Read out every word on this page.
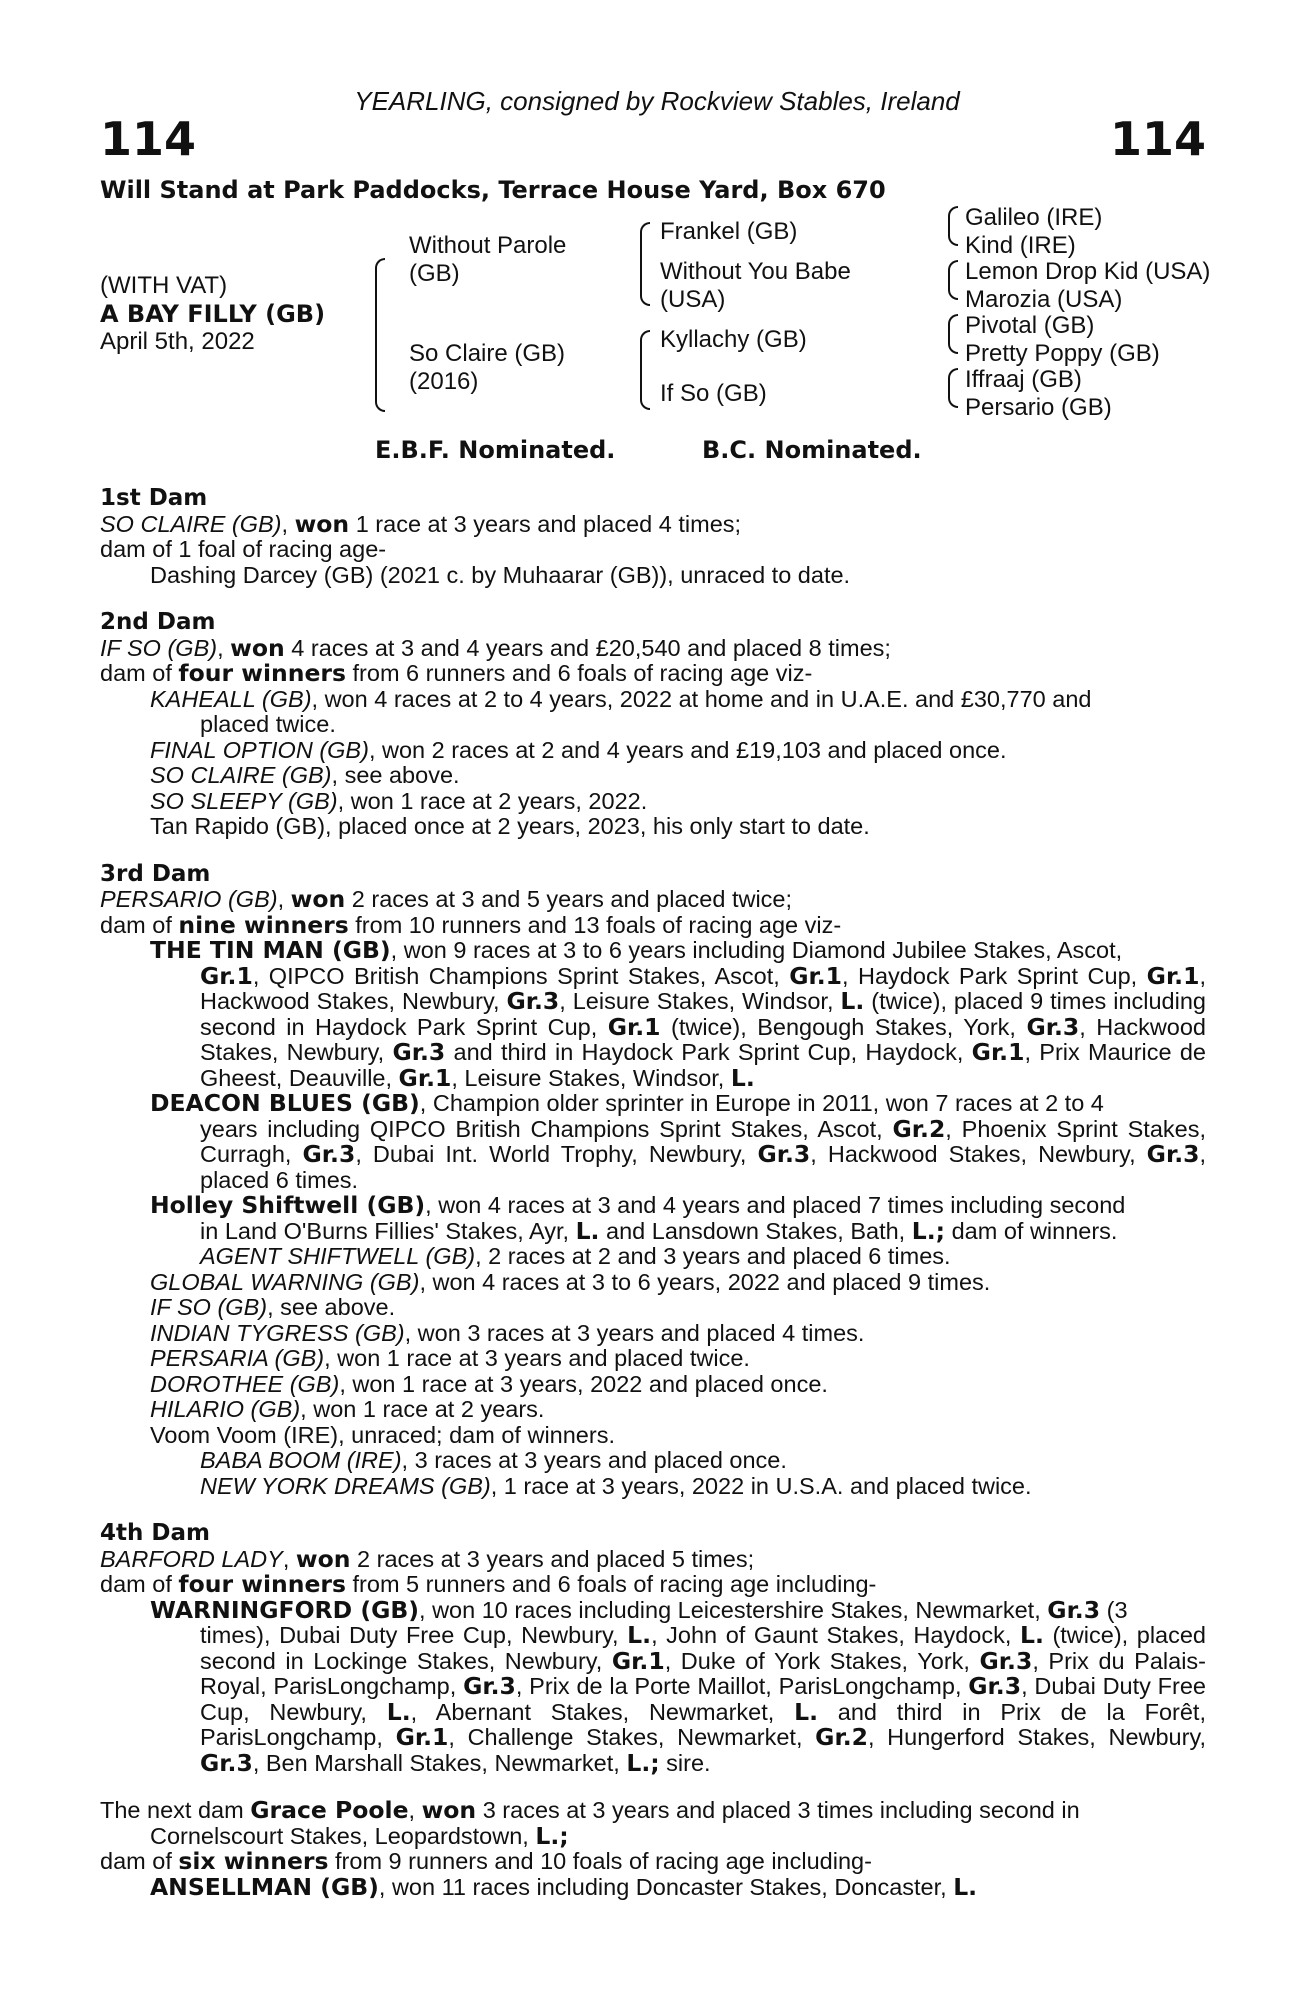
YEARLING, consigned by Rockview Stables, Ireland
114	114
Will Stand at Park Paddocks, Terrace House Yard, Box 670
(WITH VAT)
A BAY FILLY (GB)
April 5th, 2022
Without Parole
(GB)
So Claire (GB)
(2016)
Frankel (GB)
Without You Babe
(USA)
Kyllachy (GB)
If So (GB)
Galileo (IRE)
Kind (IRE)
Lemon Drop Kid (USA)
Marozia (USA)
Pivotal (GB)
Pretty Poppy (GB)
Iffraaj (GB)
Persario (GB)
E.B.F. Nominated.	B.C. Nominated.
1st Dam
SO CLAIRE (GB), won 1 race at 3 years and placed 4 times;
dam of 1 foal of racing age-
Dashing Darcey (GB) (2021 c. by Muhaarar (GB)), unraced to date.
2nd Dam
IF SO (GB), won 4 races at 3 and 4 years and £20,540 and placed 8 times;
dam of four winners from 6 runners and 6 foals of racing age viz-
KAHEALL (GB), won 4 races at 2 to 4 years, 2022 at home and in U.A.E. and £30,770 and
placed twice.
FINAL OPTION (GB), won 2 races at 2 and 4 years and £19,103 and placed once.
SO CLAIRE (GB), see above.
SO SLEEPY (GB), won 1 race at 2 years, 2022.
Tan Rapido (GB), placed once at 2 years, 2023, his only start to date.
3rd Dam
PERSARIO (GB), won 2 races at 3 and 5 years and placed twice;
dam of nine winners from 10 runners and 13 foals of racing age viz-
THE TIN MAN (GB), won 9 races at 3 to 6 years including Diamond Jubilee Stakes, Ascot,
Gr.1, QIPCO British Champions Sprint Stakes, Ascot, Gr.1, Haydock Park Sprint Cup, Gr.1, Hackwood Stakes, Newbury, Gr.3, Leisure Stakes, Windsor, L. (twice), placed 9 times including second in Haydock Park Sprint Cup, Gr.1 (twice), Bengough Stakes, York, Gr.3, Hackwood Stakes, Newbury, Gr.3 and third in Haydock Park Sprint Cup, Haydock, Gr.1, Prix Maurice de Gheest, Deauville, Gr.1, Leisure Stakes, Windsor, L.
DEACON BLUES (GB), Champion older sprinter in Europe in 2011, won 7 races at 2 to 4
years including QIPCO British Champions Sprint Stakes, Ascot, Gr.2, Phoenix Sprint Stakes, Curragh, Gr.3, Dubai Int. World Trophy, Newbury, Gr.3, Hackwood Stakes, Newbury, Gr.3, placed 6 times.
Holley Shiftwell (GB), won 4 races at 3 and 4 years and placed 7 times including second
in Land O'Burns Fillies' Stakes, Ayr, L. and Lansdown Stakes, Bath, L.; dam of winners.
AGENT SHIFTWELL (GB), 2 races at 2 and 3 years and placed 6 times.
GLOBAL WARNING (GB), won 4 races at 3 to 6 years, 2022 and placed 9 times.
IF SO (GB), see above.
INDIAN TYGRESS (GB), won 3 races at 3 years and placed 4 times.
PERSARIA (GB), won 1 race at 3 years and placed twice.
DOROTHEE (GB), won 1 race at 3 years, 2022 and placed once.
HILARIO (GB), won 1 race at 2 years.
Voom Voom (IRE), unraced; dam of winners.
BABA BOOM (IRE), 3 races at 3 years and placed once.
NEW YORK DREAMS (GB), 1 race at 3 years, 2022 in U.S.A. and placed twice.
4th Dam
BARFORD LADY, won 2 races at 3 years and placed 5 times;
dam of four winners from 5 runners and 6 foals of racing age including-
WARNINGFORD (GB), won 10 races including Leicestershire Stakes, Newmarket, Gr.3 (3
times), Dubai Duty Free Cup, Newbury, L., John of Gaunt Stakes, Haydock, L. (twice), placed second in Lockinge Stakes, Newbury, Gr.1, Duke of York Stakes, York, Gr.3, Prix du Palais-Royal, ParisLongchamp, Gr.3, Prix de la Porte Maillot, ParisLongchamp, Gr.3, Dubai Duty Free Cup, Newbury, L., Abernant Stakes, Newmarket, L. and third in Prix de la Forêt, ParisLongchamp, Gr.1, Challenge Stakes, Newmarket, Gr.2, Hungerford Stakes, Newbury, Gr.3, Ben Marshall Stakes, Newmarket, L.; sire.
The next dam Grace Poole, won 3 races at 3 years and placed 3 times including second in
Cornelscourt Stakes, Leopardstown, L.;
dam of six winners from 9 runners and 10 foals of racing age including-
ANSELLMAN (GB), won 11 races including Doncaster Stakes, Doncaster, L.
